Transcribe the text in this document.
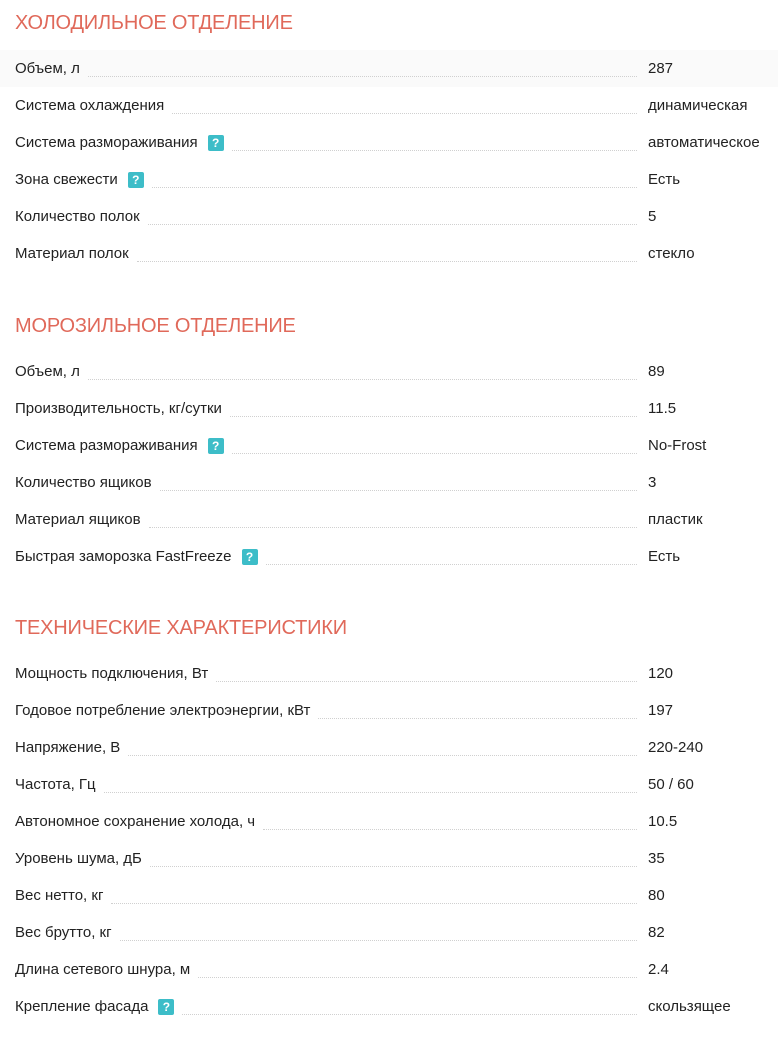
ХОЛОДИЛЬНОЕ ОТДЕЛЕНИЕ
Объем, л	287
Система охлаждения	динамическая
Система размораживания	?	автоматическое
Зона свежести	?	Есть
Количество полок	5
Материал полок	стекло
МОРОЗИЛЬНОЕ ОТДЕЛЕНИЕ
Объем, л	89
Производительность, кг/сутки	11.5
Система размораживания	?	No-Frost
Количество ящиков	3
Материал ящиков	пластик
Быстрая заморозка FastFreeze	?	Есть
ТЕХНИЧЕСКИЕ ХАРАКТЕРИСТИКИ
Мощность подключения, Вт	120
Годовое потребление электроэнергии, кВт	197
Напряжение, В	220-240
Частота, Гц	50 / 60
Автономное сохранение холода, ч	10.5
Уровень шума, дБ	35
Вес нетто, кг	80
Вес брутто, кг	82
Длина сетевого шнура, м	2.4
Крепление фасада	?	скользящее
